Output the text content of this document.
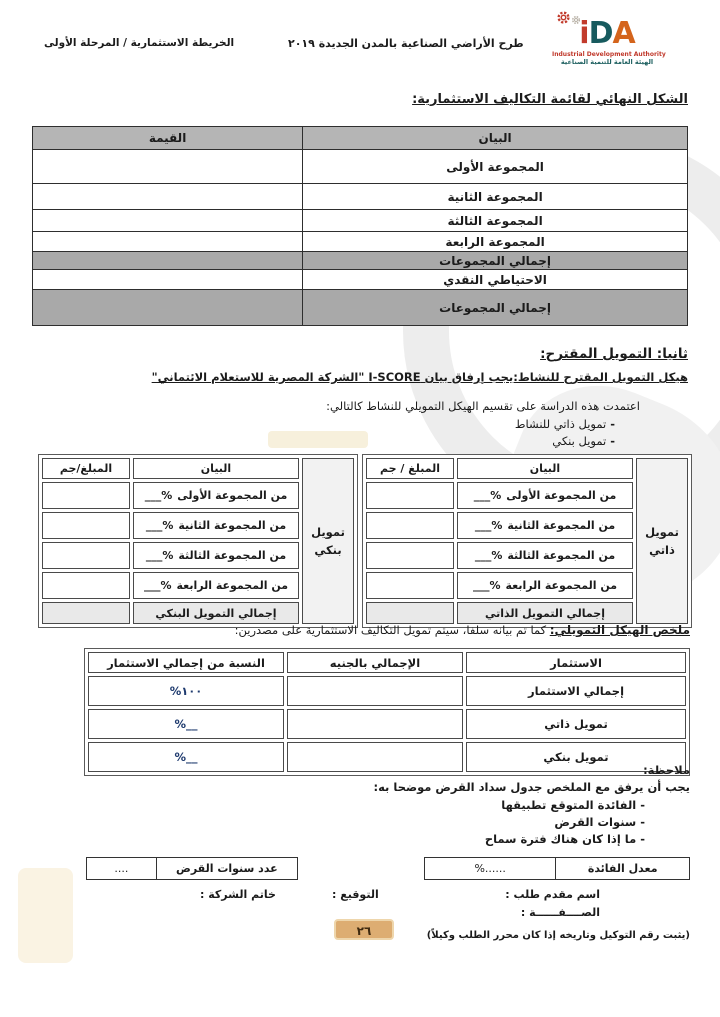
الخريطة الاستثمارية / المرحلة الأولى	طرح الأراضي الصناعية بالمدن الجديدة ٢٠١٩	iDA
Industrial Development Authority
الهيئة العامة للتنمية الصناعية
الشكل النهائي لقائمة التكاليف الاستثمارية:
البيان	القيمة
المجموعة الأولى	
المجموعة الثانية	
المجموعة الثالثة	
المجموعة الرابعة	
إجمالي المجموعات	
الاحتياطي النقدي	
إجمالي المجموعات	
ثانيا: التمويل المقترح:
هيكل التمويل المقترح للنشاط:يجب إرفاق بيان I-SCORE "الشركة المصرية للاستعلام الائتماني"
اعتمدت هذه الدراسة على تقسيم الهيكل التمويلي للنشاط كالتالي:
- تمويل ذاتي للنشاط
- تمويل بنكي
تمويل ذاتي	البيان	المبلغ / جم

	___% من المجموعة الأولى	

	___% من المجموعة الثانية	

	___% من المجموعة الثالثة	

	___% من المجموعة الرابعة	

	إجمالي التمويل الذاتي	
تمويل بنكي	البيان	المبلغ/جم

	___% من المجموعة الأولى	

	___% من المجموعة الثانية	

	___% من المجموعة الثالثة	

	___% من المجموعة الرابعة	

	إجمالي التمويل البنكي	
ملخص الهيكل التمويلي: كما تم بيانه سلفا، سيتم تمويل التكاليف الاستثمارية على مصدرين:
الاستثمار	الإجمالي بالجنيه	النسبة من إجمالي الاستثمار
إجمالي الاستثمار		%١٠٠
تمويل ذاتي		%__
تمويل بنكي		%__
ملاحظة:
يجب أن يرفق مع الملخص جدول سداد القرض موضحا به:
- الفائدة المتوقع تطبيقها
- سنوات القرض
- ما إذا كان هناك فترة سماح
معدل الفائدة	%......
عدد سنوات القرض	....
اسم مقدم طلب :
الصــــفــــــة :
التوقيع :
خاتم الشركة :
(يثبت رقم التوكيل وتاريخه إذا كان محرر الطلب وكيلاً)
٢٦
